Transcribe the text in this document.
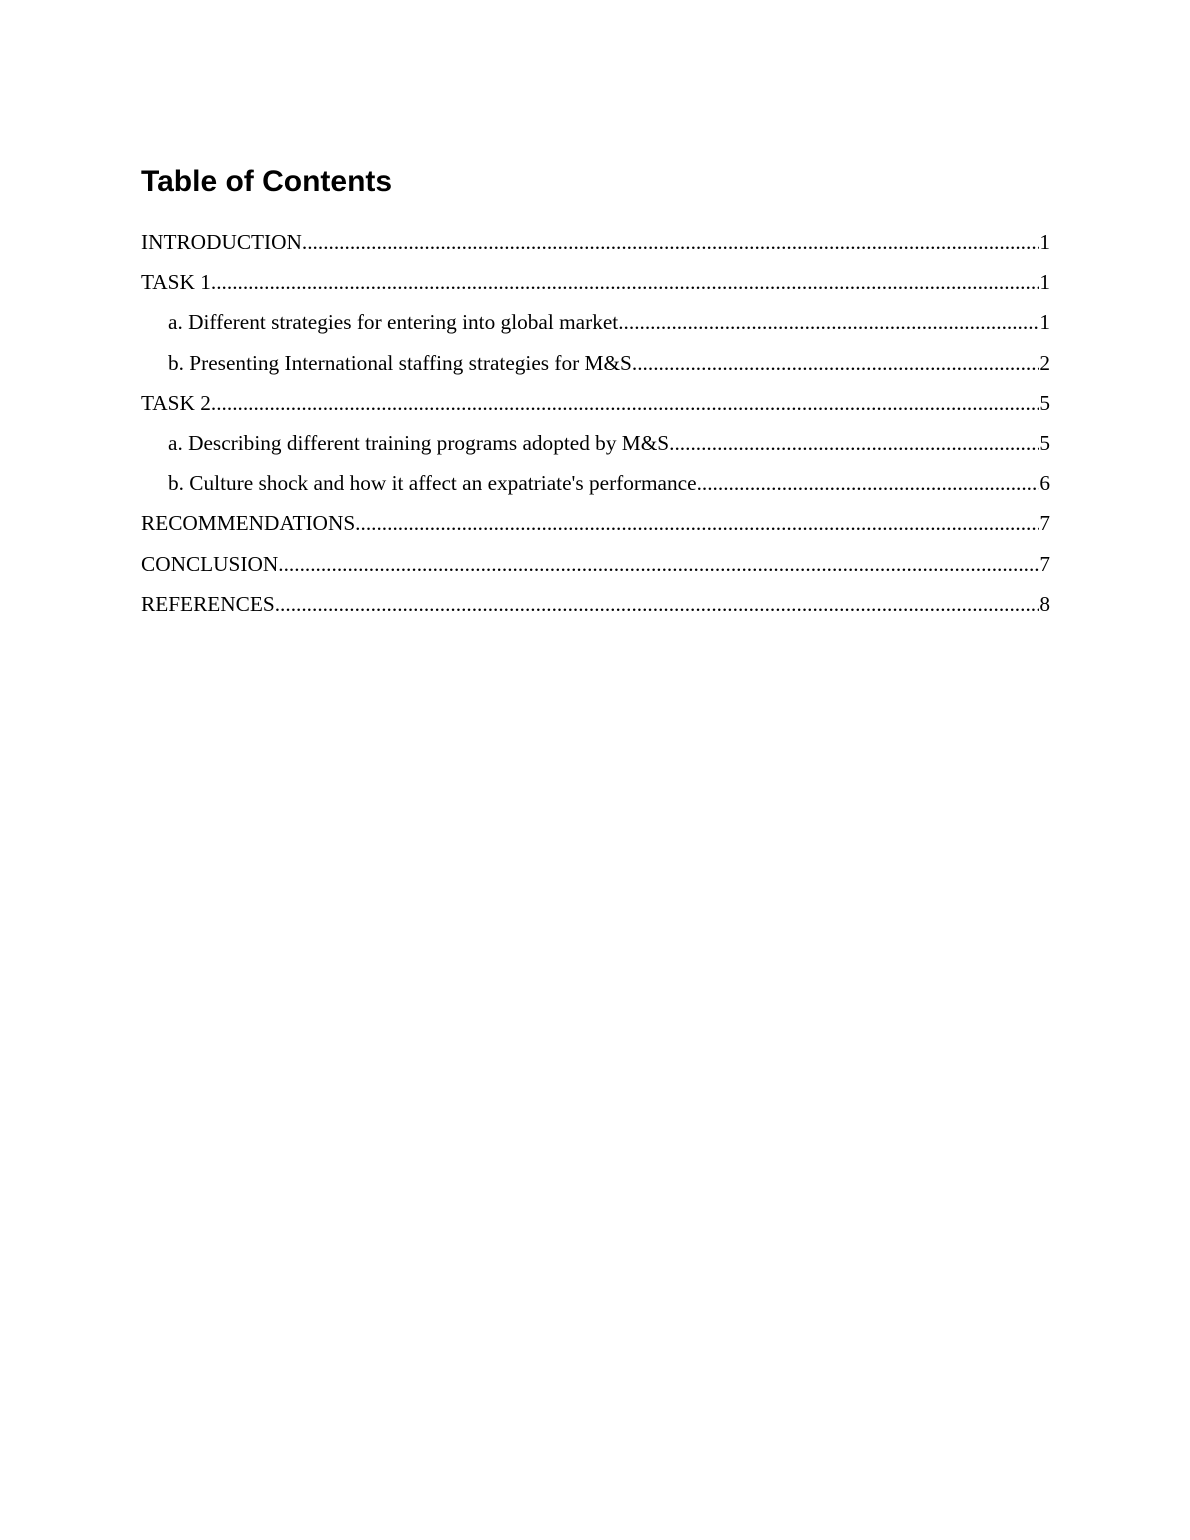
Table of Contents
INTRODUCTION .....	1
TASK 1 .....	1
a. Different strategies for entering into global market .....	1
b. Presenting International staffing strategies for M&S .....	2
TASK 2 .....	5
a. Describing different training programs adopted by M&S .....	5
b. Culture shock and how it affect an expatriate's performance .....	6
RECOMMENDATIONS .....	7
CONCLUSION .....	7
REFERENCES .....	8
